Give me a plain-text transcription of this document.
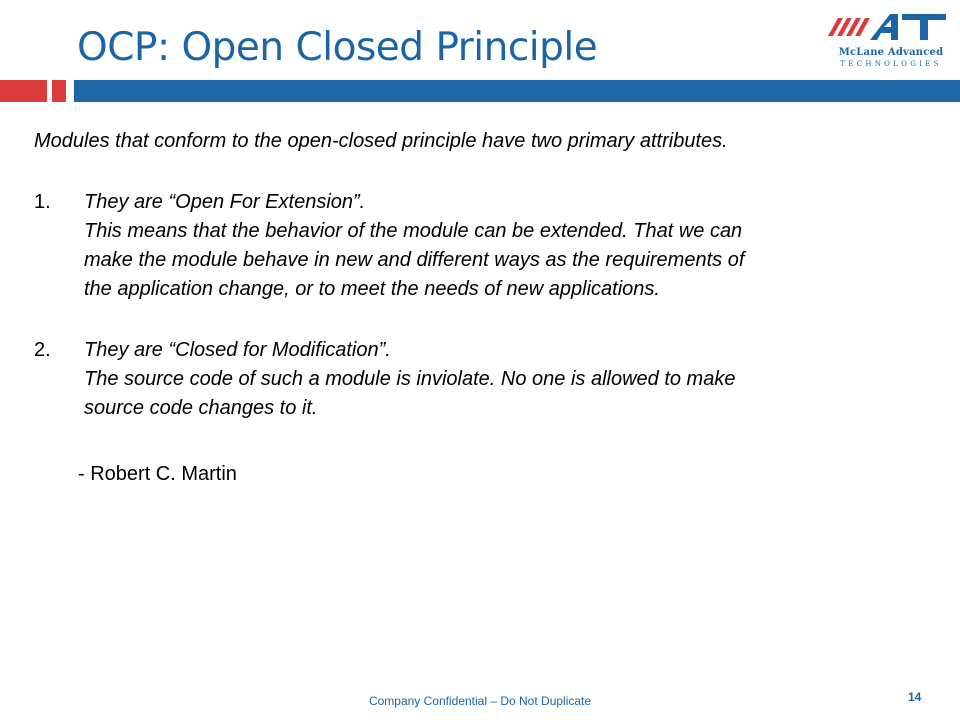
OCP: Open Closed Principle	McLane Advanced
TECHNOLOGIES

Modules that conform to the open-closed principle have two primary attributes.

1. They are “Open For Extension”.
This means that the behavior of the module can be extended. That we can
make the module behave in new and different ways as the requirements of
the application change, or to meet the needs of new applications.
2. They are “Closed for Modification”.
The source code of such a module is inviolate. No one is allowed to make
source code changes to it.
- Robert C. Martin
Company Confidential – Do Not Duplicate	14
